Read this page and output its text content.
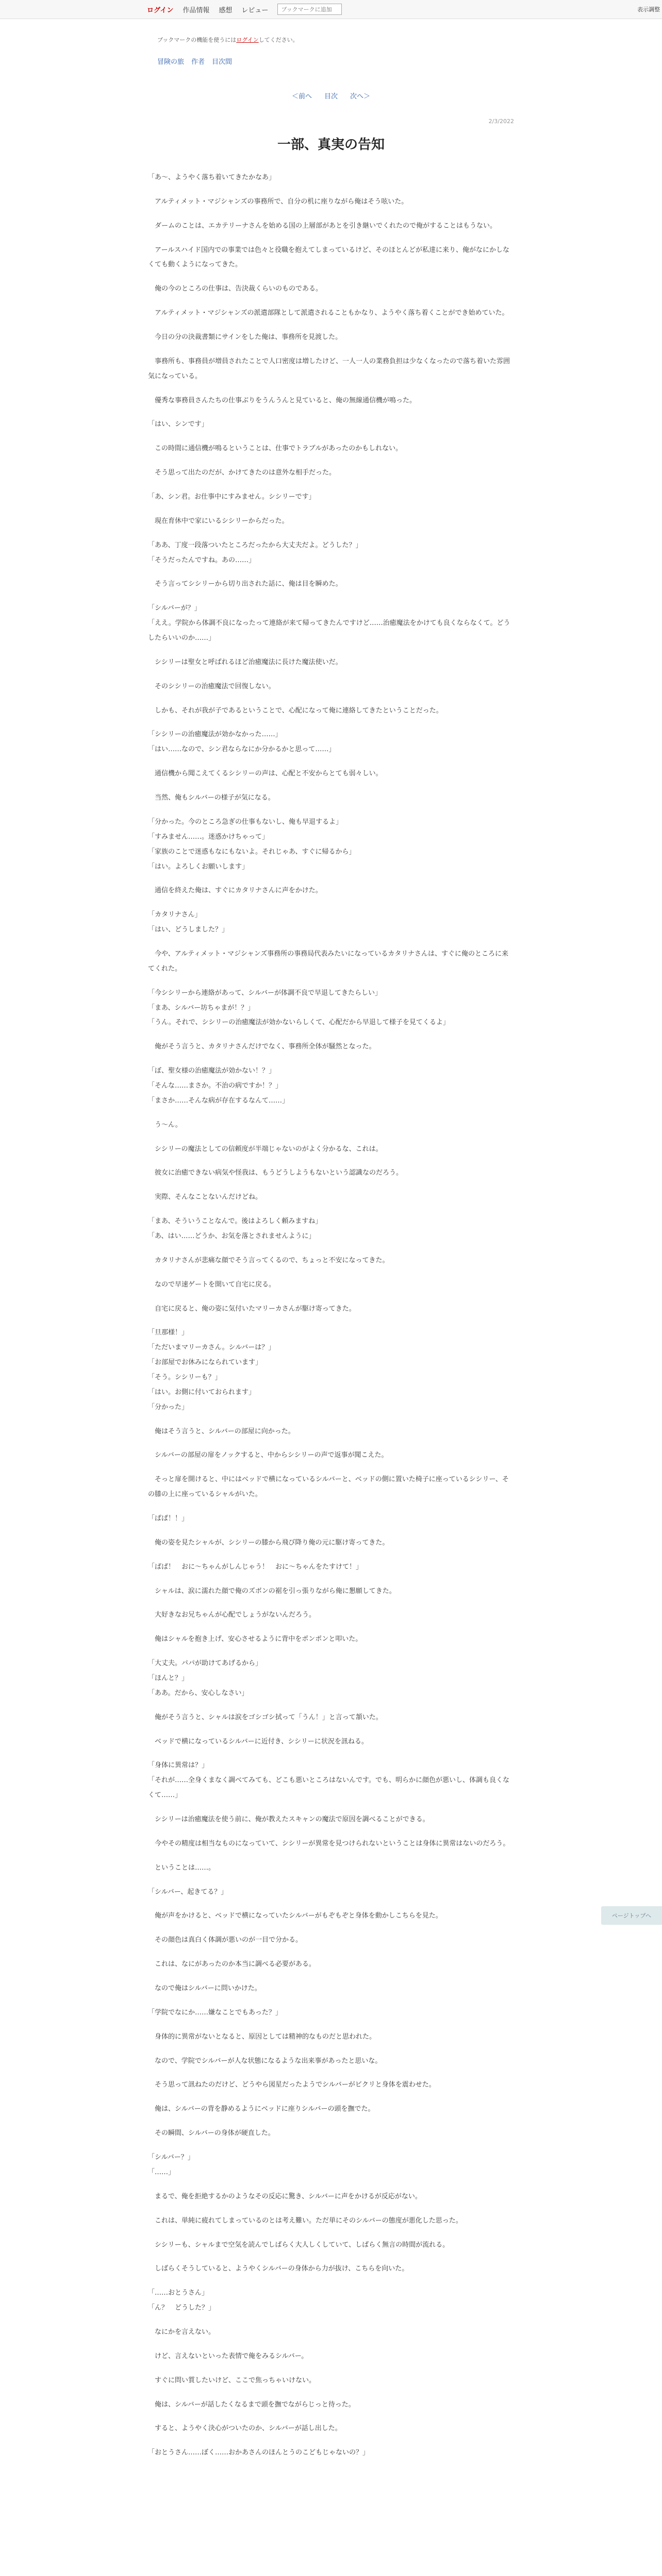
ログイン 作品情報 感想 レビュー
ブックマークに追加	表示調整
ブックマークの機能を使うにはログインしてください。
冒険の旅 作者 目次間
＜前へ 目次 次へ＞
2/3/2022
一部、真実の告知

「あ～、ようやく落ち着いてきたかなあ」

　アルティメット・マジシャンズの事務所で、自分の机に座りながら俺はそう呟いた。

　ダームのことは、エカテリーナさんを始める国の上層部があとを引き継いでくれたので俺がすることはもうない。

　アールスハイド国内での事業では色々と役職を抱えてしまっているけど、そのほとんどが私達に来り、俺がなにかしなくても動くようになってきた。

　俺の今のところの仕事は、告決裁くらいのものである。

　アルティメット・マジシャンズの派遣部隊として派遣されることもかなり、ようやく落ち着くことができ始めていた。

　今日の分の決裁書類にサインをした俺は、事務所を見渡した。

　事務所も、事務員が増員されたことで人口密度は増したけど、一人一人の業務負担は少なくなったので落ち着いた雰囲気になっている。

　優秀な事務員さんたちの仕事ぶりをうんうんと見ていると、俺の無線通信機が鳴った。

「はい、シンです」

　この時間に通信機が鳴るということは、仕事でトラブルがあったのかもしれない。

　そう思って出たのだが、かけてきたのは意外な相手だった。

「あ、シン君。お仕事中にすみません。シシリーです」

　現在育休中で家にいるシシリーからだった。

「ああ、丁度一段落ついたところだったから大丈夫だよ。どうした？」
「そうだったんですね。あの……」

　そう言ってシシリーから切り出された話に、俺は目を瞬めた。

「シルバーが？」
「ええ。学院から体調不良になったって連絡が来て帰ってきたんですけど……治癒魔法をかけても良くならなくて。どうしたらいいのか……」

　シシリーは聖女と呼ばれるほど治癒魔法に長けた魔法使いだ。

　そのシシリーの治癒魔法で回復しない。

　しかも、それが我が子であるということで、心配になって俺に連絡してきたということだった。

「シシリーの治癒魔法が効かなかった……」
「はい……なので、シン君ならなにか分かるかと思って……」

　通信機から聞こえてくるシシリーの声は、心配と不安からとても弱々しい。

　当然、俺もシルバーの様子が気になる。

「分かった。今のところ急ぎの仕事もないし、俺も早退するよ」
「すみません……。迷惑かけちゃって」
「家族のことで迷惑もなにもないよ。それじゃあ、すぐに帰るから」
「はい。よろしくお願いします」

　通信を終えた俺は、すぐにカタリナさんに声をかけた。

「カタリナさん」
「はい、どうしました？」

　今や、アルティメット・マジシャンズ事務所の事務局代表みたいになっているカタリナさんは、すぐに俺のところに来てくれた。

「今シシリーから連絡があって、シルバーが体調不良で早退してきたらしい」
「まあ、シルバー坊ちゃまが！？」
「うん。それで、シシリーの治癒魔法が効かないらしくて、心配だから早退して様子を見てくるよ」

　俺がそう言うと、カタリナさんだけでなく、事務所全体が騒然となった。

「ぼ、聖女様の治癒魔法が効かない！？」
「そんな……まさか。不治の病ですか！？」
「まさか……そんな病が存在するなんて……」

　う～ん。

　シシリーの魔法としての信頼度が半端じゃないのがよく分かるな、これは。

　彼女に治癒できない病気や怪我は、もうどうしようもないという認識なのだろう。

　実際、そんなことないんだけどね。

「まあ、そういうことなんで。後はよろしく頼みますね」
「あ、はい……どうか、お気を落とされませんように」

　カタリナさんが悲痛な顔でそう言ってくるので、ちょっと不安になってきた。

　なので早速ゲートを開いて自宅に戻る。

　自宅に戻ると、俺の姿に気付いたマリーカさんが駆け寄ってきた。

「旦那様！」
「ただいまマリーカさん。シルバーは？」
「お部屋でお休みになられています」
「そう。シシリーも？」
「はい。お側に付いておられます」
「分かった」

　俺はそう言うと、シルバーの部屋に向かった。

　シルバーの部屋の扉をノックすると、中からシシリーの声で返事が聞こえた。

　そっと扉を開けると、中にはベッドで横になっているシルバーと、ベッドの側に置いた椅子に座っているシシリー、その膝の上に座っているシャルがいた。

「ぱぱ！！」

　俺の姿を見たシャルが、シシリーの膝から飛び降り俺の元に駆け寄ってきた。

「ぱぱ！　おに～ちゃんがしんじゃう！　おに～ちゃんをたすけて！」

　シャルは、涙に濡れた顔で俺のズボンの裾を引っ張りながら俺に懇願してきた。

　大好きなお兄ちゃんが心配でしょうがないんだろう。

　俺はシャルを抱き上げ、安心させるように背中をポンポンと叩いた。

「大丈夫。パパが助けてあげるから」
「ほんと？」
「ああ。だから、安心しなさい」

　俺がそう言うと、シャルは涙をゴシゴシ拭って「うん！」と言って頷いた。

　ベッドで横になっているシルバーに近付き、シシリーに状況を訊ねる。

「身体に異常は？」
「それが……全身くまなく調べてみても、どこも悪いところはないんです。でも、明らかに顔色が悪いし、体調も良くなくて……」

　シシリーは治癒魔法を使う前に、俺が教えたスキャンの魔法で原因を調べることができる。

　今やその精度は相当なものになっていて、シシリーが異常を見つけられないということは身体に異常はないのだろう。

　ということは……。

「シルバー、起きてる？」

　俺が声をかけると、ベッドで横になっていたシルバーがもぞもぞと身体を動かしこちらを見た。

　その顔色は真白く体調が悪いのが一目で分かる。

　これは、なにがあったのか本当に調べる必要がある。

　なので俺はシルバーに問いかけた。

「学院でなにか……嫌なことでもあった？」

　身体的に異常がないとなると、原因としては精神的なものだと思われた。

　なので、学院でシルバーが人な状態になるような出来事があったと思いな。

　そう思って訊ねたのだけど、どうやら図星だったようでシルバーがビクリと身体を震わせた。

　俺は、シルバーの背を静めるようにベッドに座りシルバーの頭を撫でた。

　その瞬間、シルバーの身体が硬直した。

「シルバー？」
「……」

　まるで、俺を拒絶するかのようなその反応に驚き、シルバーに声をかけるが反応がない。

　これは、単純に疲れてしまっているのとは考え難い。ただ単にそのシルバーの態度が悪化した思った。

　シシリーも、シャルまで空気を読んでしばらく大人しくしていて、しばらく無言の時間が流れる。

　しばらくそうしていると、ようやくシルバーの身体から力が抜け、こちらを向いた。

「……おとうさん」
「ん？　どうした？」

　なにかを言えない。

　けど、言えないといった表情で俺をみるシルバー。

　すぐに問い質したいけど、ここで焦っちゃいけない。

　俺は、シルバーが話したくなるまで頭を撫でながらじっと待った。

　すると、ようやく決心がついたのか、シルバーが話し出した。

「おとうさん……ぼく……おかあさんのほんとうのこどもじゃないの？」

ページトップへ
